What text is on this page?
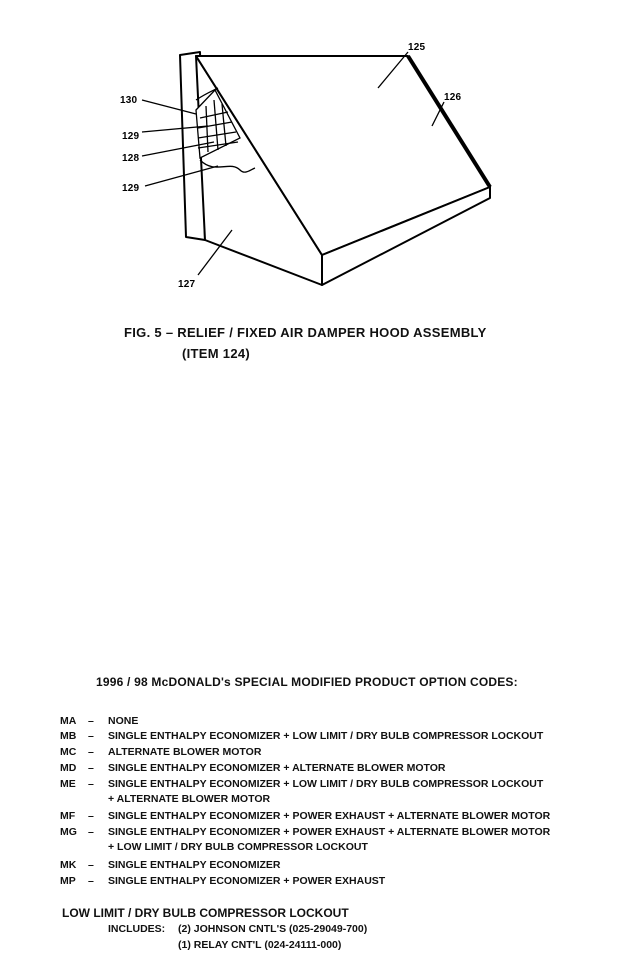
125
126
130
129
128
129
127
FIG. 5 – RELIEF / FIXED AIR DAMPER HOOD ASSEMBLY
(ITEM 124)
1996 / 98 McDONALD's SPECIAL MODIFIED PRODUCT OPTION CODES:
MA – NONE
MB – SINGLE ENTHALPY ECONOMIZER + LOW LIMIT / DRY BULB COMPRESSOR LOCKOUT
MC – ALTERNATE BLOWER MOTOR
MD – SINGLE ENTHALPY ECONOMIZER + ALTERNATE BLOWER MOTOR
ME – SINGLE ENTHALPY ECONOMIZER + LOW LIMIT / DRY BULB COMPRESSOR LOCKOUT
+ ALTERNATE BLOWER MOTOR
MF – SINGLE ENTHALPY ECONOMIZER + POWER EXHAUST + ALTERNATE BLOWER MOTOR
MG – SINGLE ENTHALPY ECONOMIZER + POWER EXHAUST + ALTERNATE BLOWER MOTOR
+ LOW LIMIT / DRY BULB COMPRESSOR LOCKOUT
MK – SINGLE ENTHALPY ECONOMIZER
MP – SINGLE ENTHALPY ECONOMIZER + POWER EXHAUST
LOW LIMIT / DRY BULB COMPRESSOR LOCKOUT
INCLUDES: (2) JOHNSON CNTL'S (025-29049-700)
(1) RELAY CNT'L (024-24111-000)
